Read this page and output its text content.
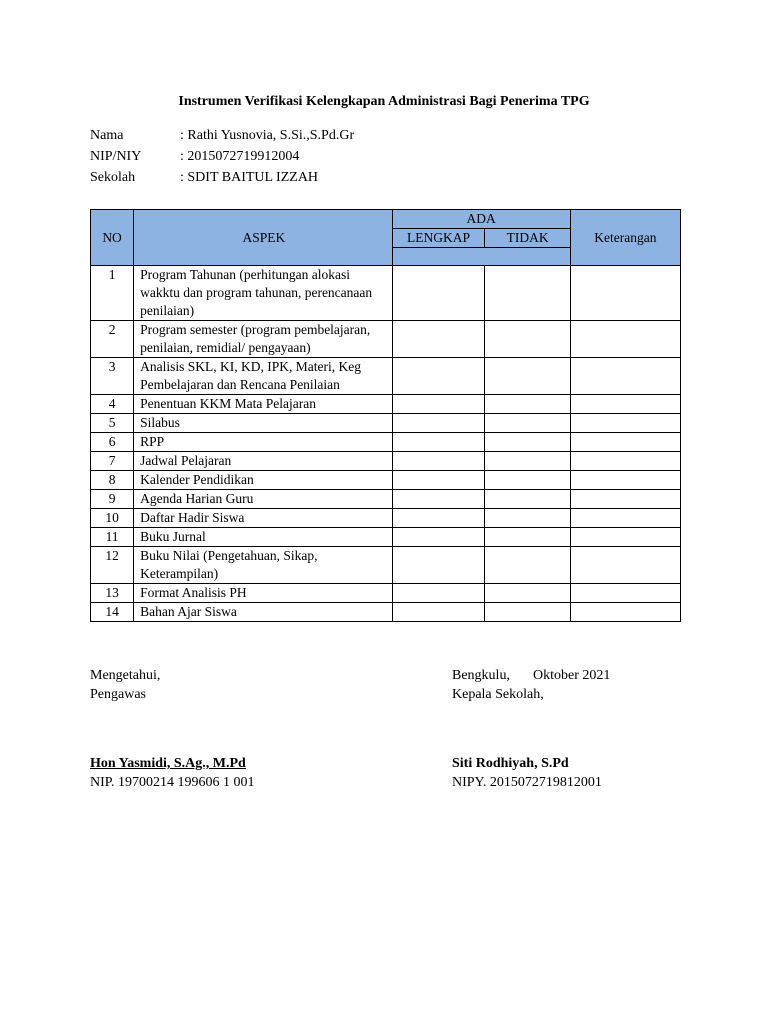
Instrumen Verifikasi Kelengkapan Administrasi Bagi Penerima TPG
Nama	: Rathi Yusnovia, S.Si.,S.Pd.Gr
NIP/NIY	: 2015072719912004
Sekolah	: SDIT BAITUL IZZAH
NO	ASPEK	ADA		Keterangan
		LENGKAP	TIDAK	

1	Program Tahunan (perhitungan alokasi wakktu dan program tahunan, perencanaan penilaian)			
2	Program semester (program pembelajaran, penilaian, remidial/ pengayaan)			
3	Analisis SKL, KI, KD, IPK, Materi, Keg Pembelajaran dan Rencana Penilaian			
4	Penentuan KKM Mata Pelajaran			
5	Silabus			
6	RPP			
7	Jadwal Pelajaran			
8	Kalender Pendidikan			
9	Agenda Harian Guru			
10	Daftar Hadir Siswa			
11	Buku Jurnal			
12	Buku Nilai (Pengetahuan, Sikap, Keterampilan)			
13	Format Analisis PH			
14	Bahan Ajar Siswa			
Mengetahui,
Pengawas
Hon Yasmidi, S.Ag., M.Pd
NIP. 19700214 199606 1 001
Bengkulu, Oktober 2021
Kepala Sekolah,
Siti Rodhiyah, S.Pd
NIPY. 2015072719812001
